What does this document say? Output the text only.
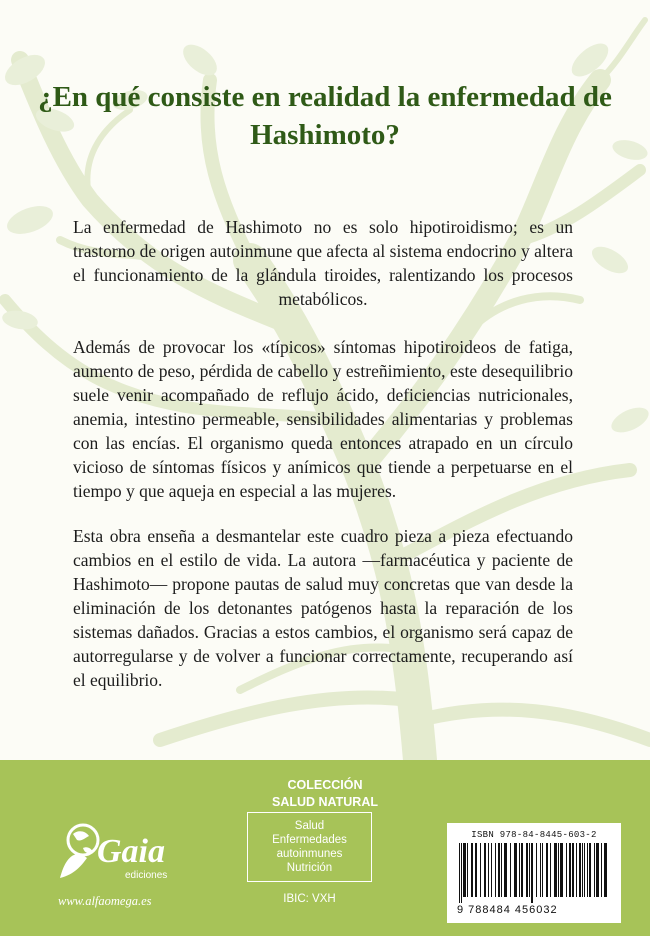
¿En qué consiste en realidad la enfermedad de Hashimoto?

La enfermedad de Hashimoto no es solo hipotiroidismo; es un trastorno de origen autoinmune que afecta al sistema endocrino y altera el funcionamiento de la glándula tiroides, ralentizando los procesos metabólicos.

Además de provocar los «típicos» síntomas hipotiroideos de fatiga, aumento de peso, pérdida de cabello y estreñimiento, este desequilibrio suele venir acompañado de reflujo ácido, deficiencias nutricionales, anemia, intestino permeable, sensibilidades alimentarias y problemas con las encías. El organismo queda entonces atrapado en un círculo vicioso de síntomas físicos y anímicos que tiende a perpetuarse en el tiempo y que aqueja en especial a las mujeres.

Esta obra enseña a desmantelar este cuadro pieza a pieza efectuando cambios en el estilo de vida. La autora —farmacéutica y paciente de Hashimoto— propone pautas de salud muy concretas que van desde la eliminación de los detonantes patógenos hasta la reparación de los sistemas dañados. Gracias a estos cambios, el organismo será capaz de autorregularse y de volver a funcionar correctamente, recuperando así el equilibrio.

COLECCIÓN
SALUD NATURAL
Salud
Enfermedades
autoinmunes
Nutrición
IBIC: VXH
Gaia
ediciones
www.alfaomega.es
ISBN 978-84-8445-603-2
9 788484 456032
